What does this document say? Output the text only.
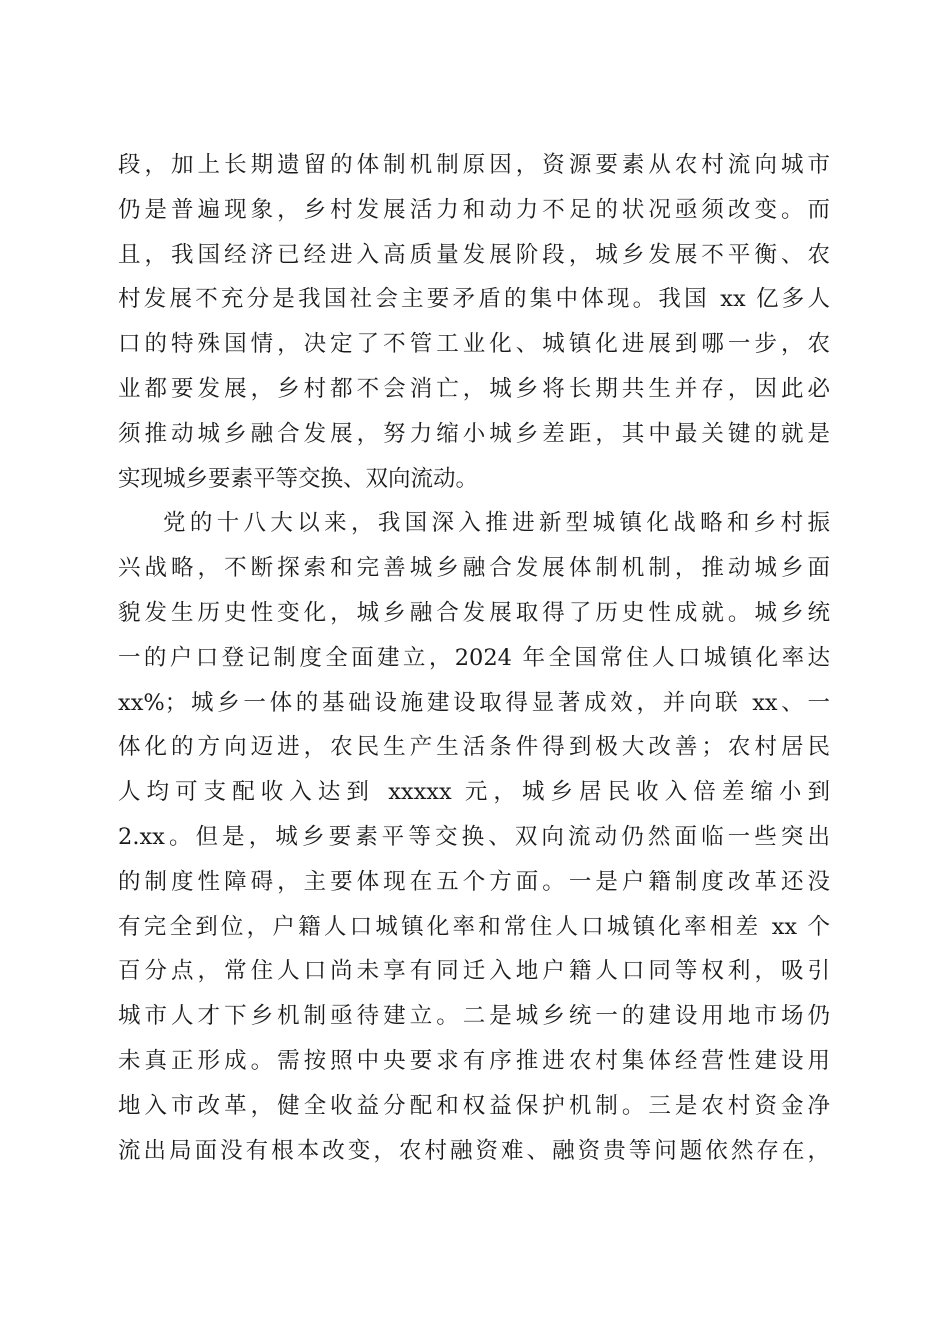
段，加上长期遗留的体制机制原因，资源要素从农村流向城市
仍是普遍现象，乡村发展活力和动力不足的状况亟须改变。而
且，我国经济已经进入高质量发展阶段，城乡发展不平衡、农
村发展不充分是我国社会主要矛盾的集中体现。我国 xx 亿多人
口的特殊国情，决定了不管工业化、城镇化进展到哪一步，农
业都要发展，乡村都不会消亡，城乡将长期共生并存，因此必
须推动城乡融合发展，努力缩小城乡差距，其中最关键的就是
实现城乡要素平等交换、双向流动。
党的十八大以来，我国深入推进新型城镇化战略和乡村振
兴战略，不断探索和完善城乡融合发展体制机制，推动城乡面
貌发生历史性变化，城乡融合发展取得了历史性成就。城乡统
一的户口登记制度全面建立，2024 年全国常住人口城镇化率达
xx%；城乡一体的基础设施建设取得显著成效，并向联 xx、一
体化的方向迈进，农民生产生活条件得到极大改善；农村居民
人均可支配收入达到 xxxxx 元，城乡居民收入倍差缩小到
2.xx。但是，城乡要素平等交换、双向流动仍然面临一些突出
的制度性障碍，主要体现在五个方面。一是户籍制度改革还没
有完全到位，户籍人口城镇化率和常住人口城镇化率相差 xx 个
百分点，常住人口尚未享有同迁入地户籍人口同等权利，吸引
城市人才下乡机制亟待建立。二是城乡统一的建设用地市场仍
未真正形成。需按照中央要求有序推进农村集体经营性建设用
地入市改革，健全收益分配和权益保护机制。三是农村资金净
流出局面没有根本改变，农村融资难、融资贵等问题依然存在，
